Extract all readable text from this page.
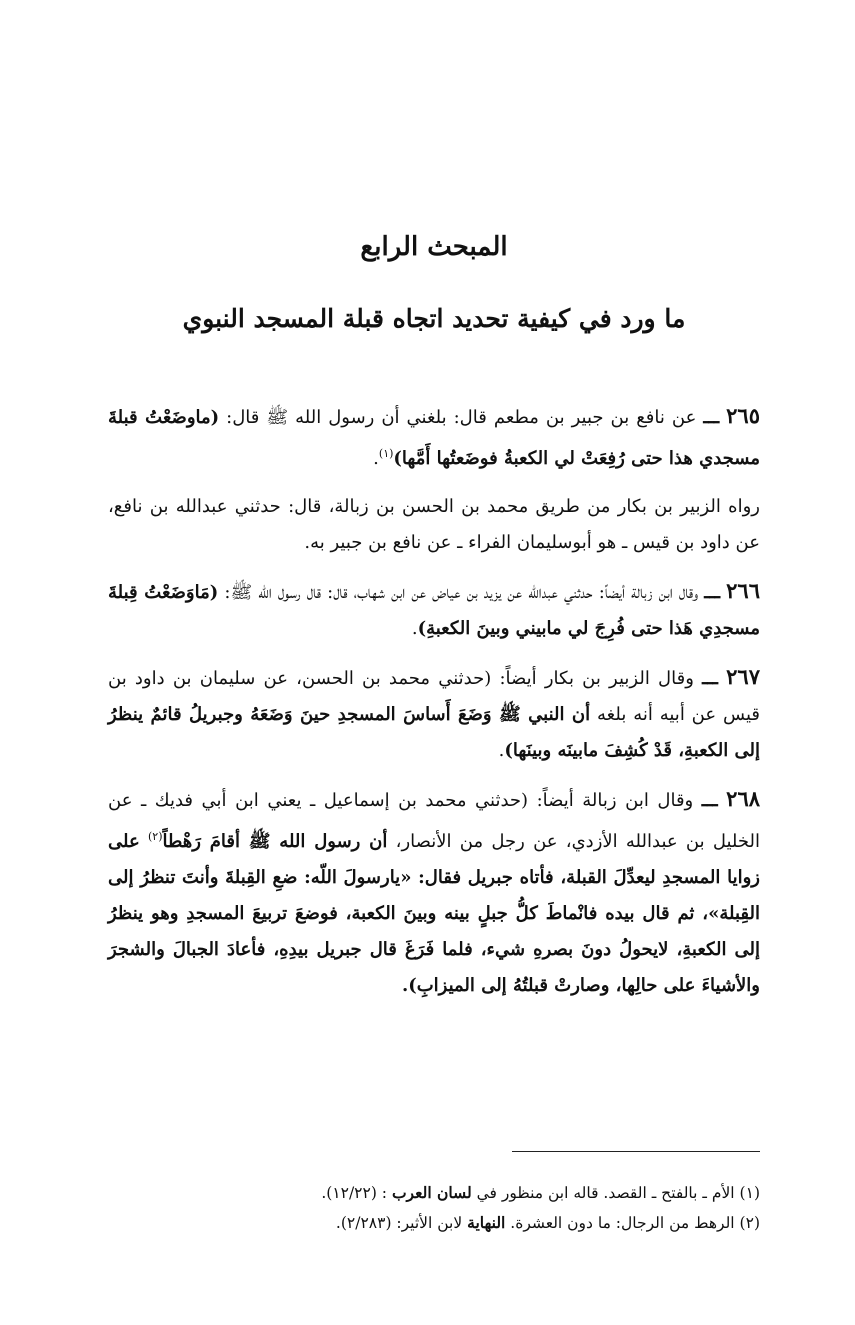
المبحث الرابع
ما ورد في كيفية تحديد اتجاه قبلة المسجد النبوي

٢٦٥ ـــ عن نافع بن جبير بن مطعم قال: بلغني أن رسول الله ﷺ قال: (ماوضَعْتُ قبلةَ مسجدي هذا حتى رُفِعَتْ لي الكعبةُ فوضَعتُها أَمَّها)$^{(١)}$.

رواه الزبير بن بكار من طريق محمد بن الحسن بن زبالة، قال: حدثني عبدالله بن نافع، عن داود بن قيس ـ هو أبوسليمان الفراء ـ عن نافع بن جبير به.

٢٦٦ ـــ وقال ابن زبالة أيضاً: حدثني عبدالله عن يزيد بن عياض عن ابن شهاب، قال: قال رسول الله ﷺ: (مَاوَضَعْتُ قِبلةَ مسجدِي هَذا حتى فُرِجَ لي مابيني وبينَ الكعبةِ).

٢٦٧ ـــ وقال الزبير بن بكار أيضاً: (حدثني محمد بن الحسن، عن سليمان بن داود بن قيس عن أبيه أنه بلغه أن النبي ﷺ وَضَعَ أَساسَ المسجدِ حينَ وَضَعَهُ وجبريلُ قائمٌ ينظرُ إلى الكعبةِ، قَدْ كُشِفَ مابينَه وبينَها).

٢٦٨ ـــ وقال ابن زبالة أيضاً: (حدثني محمد بن إسماعيل ـ يعني ابن أبي فديك ـ عن الخليل بن عبدالله الأزدي، عن رجل من الأنصار، أن رسول الله ﷺ أقامَ رَهْطاً$^{(٢)}$ على زوايا المسجدِ ليعدِّلَ القبلة، فأتاه جبريل فقال: «يارسولَ اللّه: ضعِ القِبلةَ وأنتَ تنظرُ إلى القِبلة»، ثم قال بيده فانْماطَ كلُّ جبلٍ بينه وبينَ الكعبة، فوضعَ تربيعَ المسجدِ وهو ينظرُ إلى الكعبةِ، لايحولُ دونَ بصرهِ شيء، فلما فَرَغَ قال جبريل بيدِهِ، فأعادَ الجبالَ والشجرَ والأشياءَ على حالِها، وصارتْ قبلتُهُ إلى الميزابِ).

(١) الأم ـ بالفتح ـ القصد. قاله ابن منظور في لسان العرب : (١٢/٢٢).

(٢) الرهط من الرجال: ما دون العشرة. النهاية لابن الأثير: (٢/٢٨٣).
